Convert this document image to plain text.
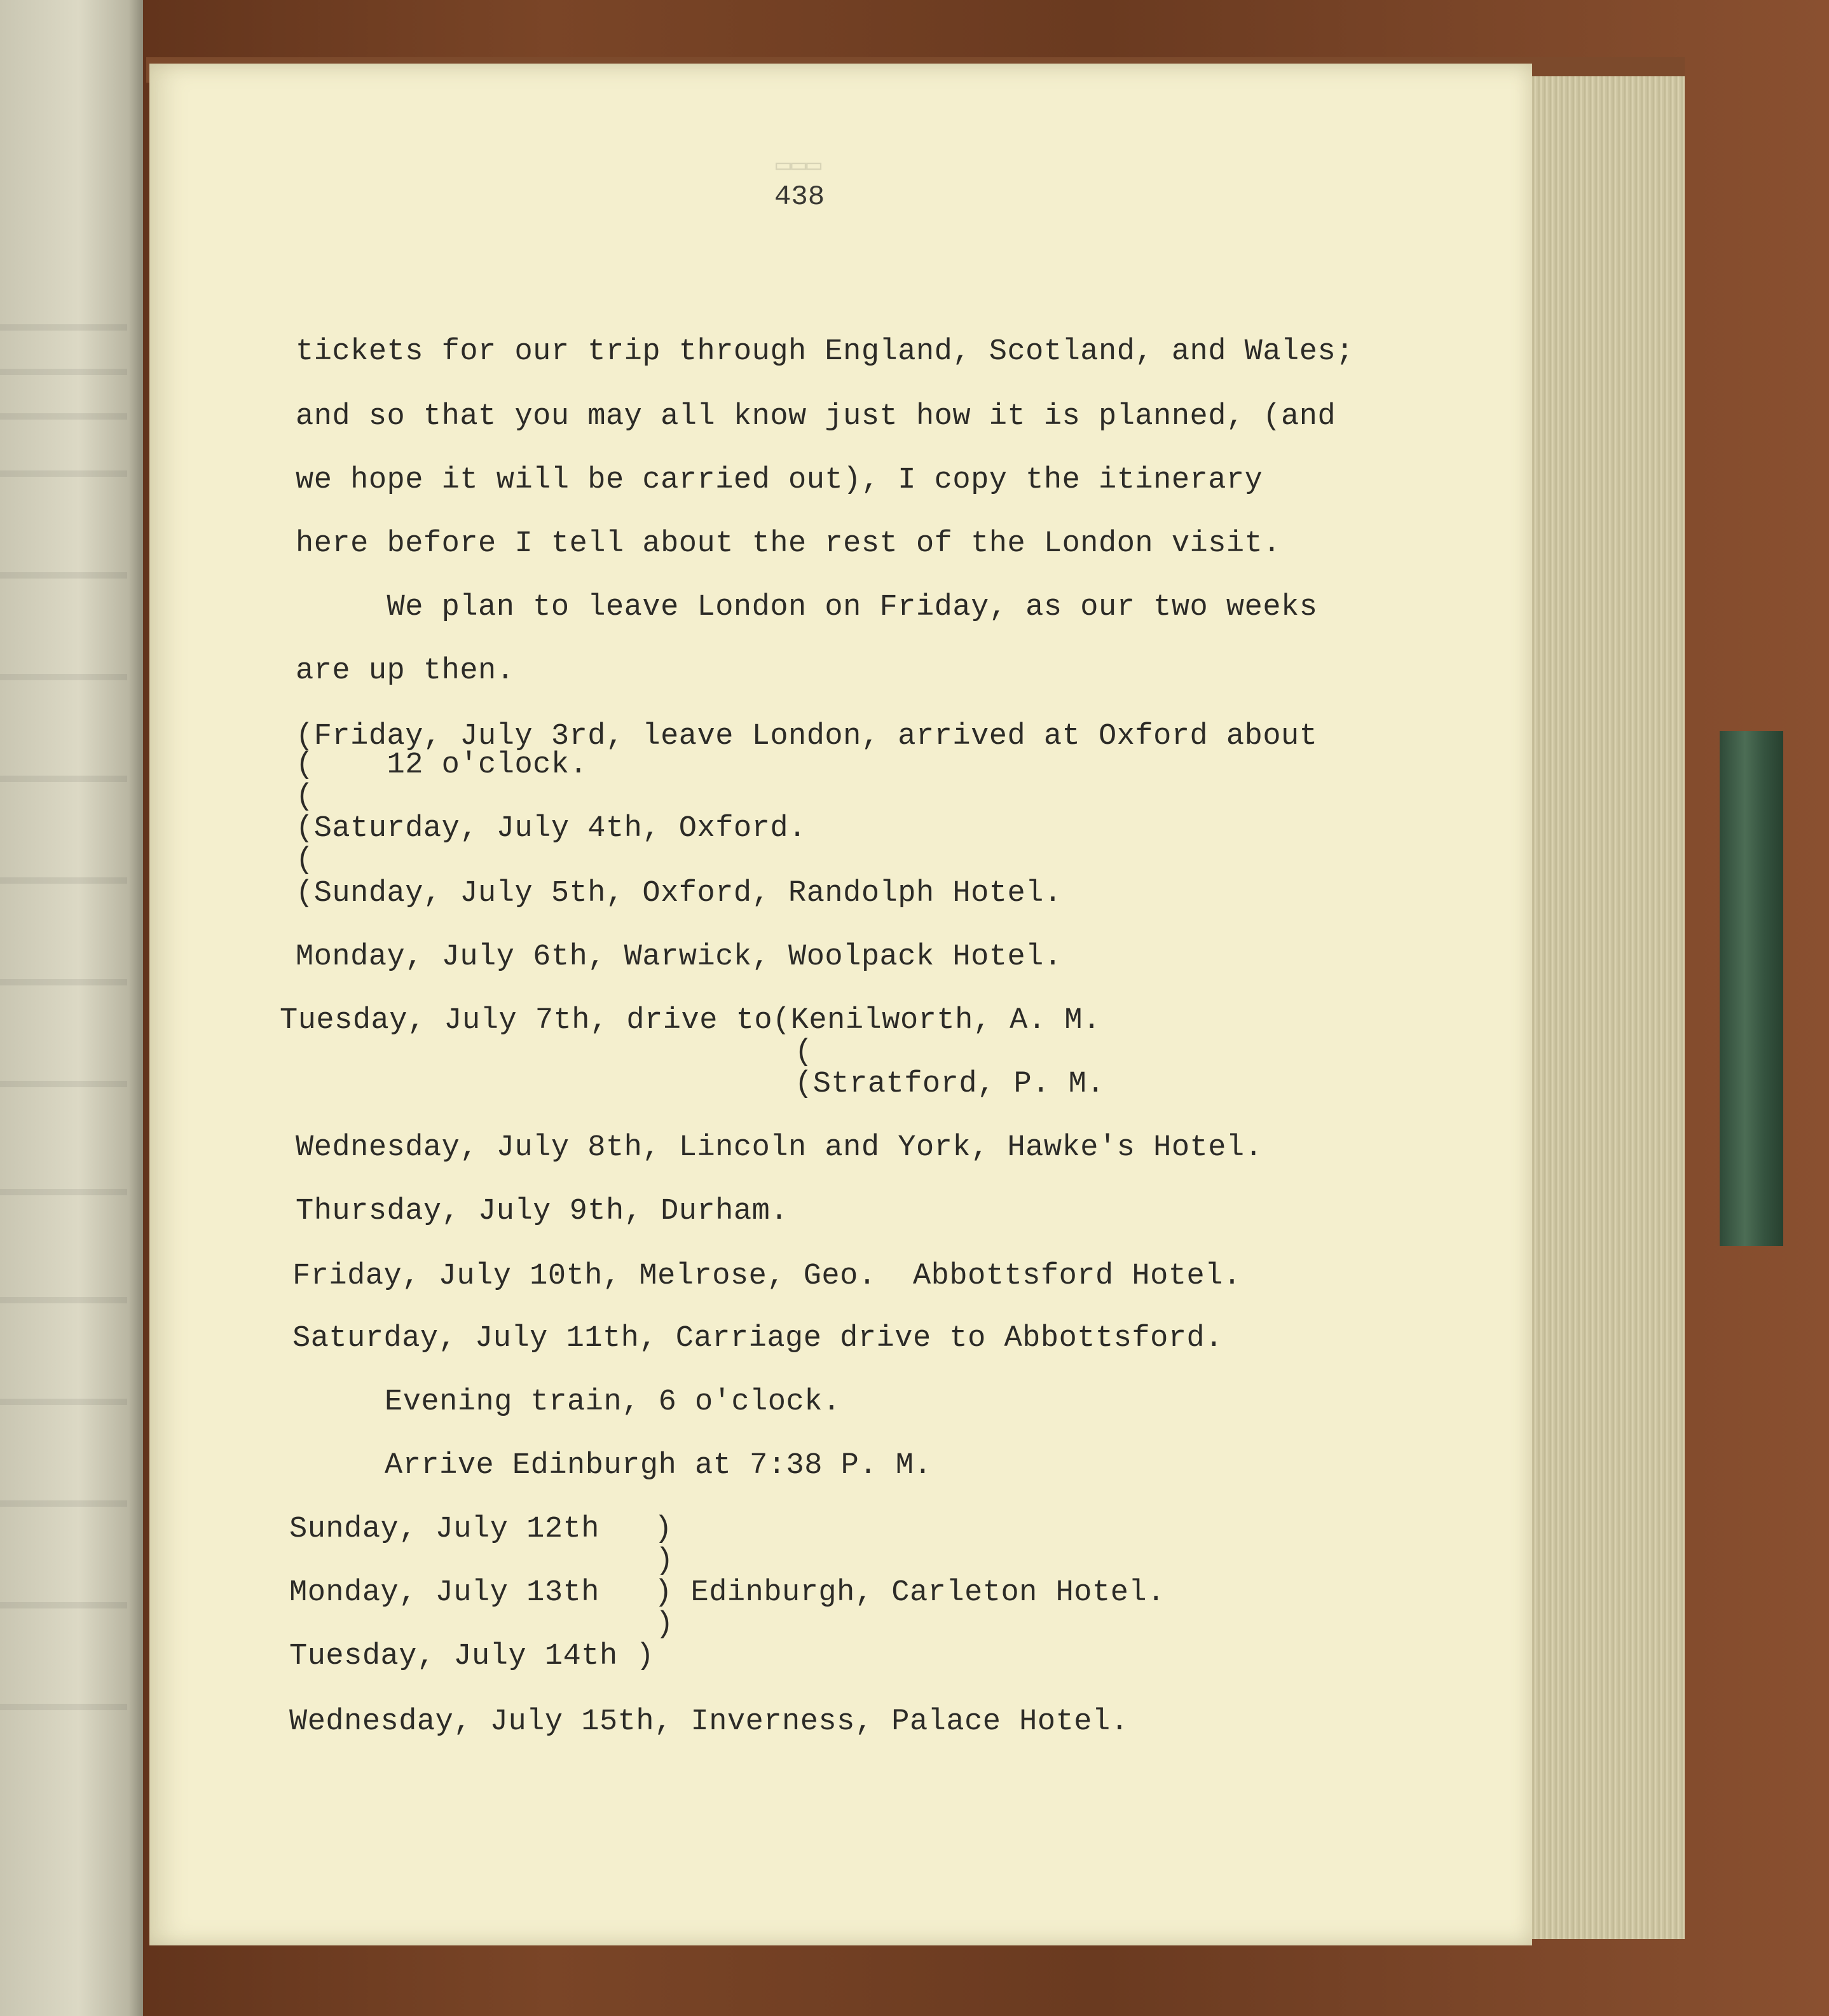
▭▭▭
438
tickets for our trip through England, Scotland, and Wales;
and so that you may all know just how it is planned, (and
we hope it will be carried out), I copy the itinerary
here before I tell about the rest of the London visit.
We plan to leave London on Friday, as our two weeks
are up then.
(Friday, July 3rd, leave London, arrived at Oxford about
(    12 o'clock.
(
(Saturday, July 4th, Oxford.
(
(Sunday, July 5th, Oxford, Randolph Hotel.
Monday, July 6th, Warwick, Woolpack Hotel.
Tuesday, July 7th, drive to(Kenilworth, A. M.
(
(Stratford, P. M.
Wednesday, July 8th, Lincoln and York, Hawke's Hotel.
Thursday, July 9th, Durham.
Friday, July 10th, Melrose, Geo.  Abbottsford Hotel.
Saturday, July 11th, Carriage drive to Abbottsford.
Evening train, 6 o'clock.
Arrive Edinburgh at 7:38 P. M.
Sunday, July 12th   )
)
Monday, July 13th   ) Edinburgh, Carleton Hotel.
)
Tuesday, July 14th )
Wednesday, July 15th, Inverness, Palace Hotel.
